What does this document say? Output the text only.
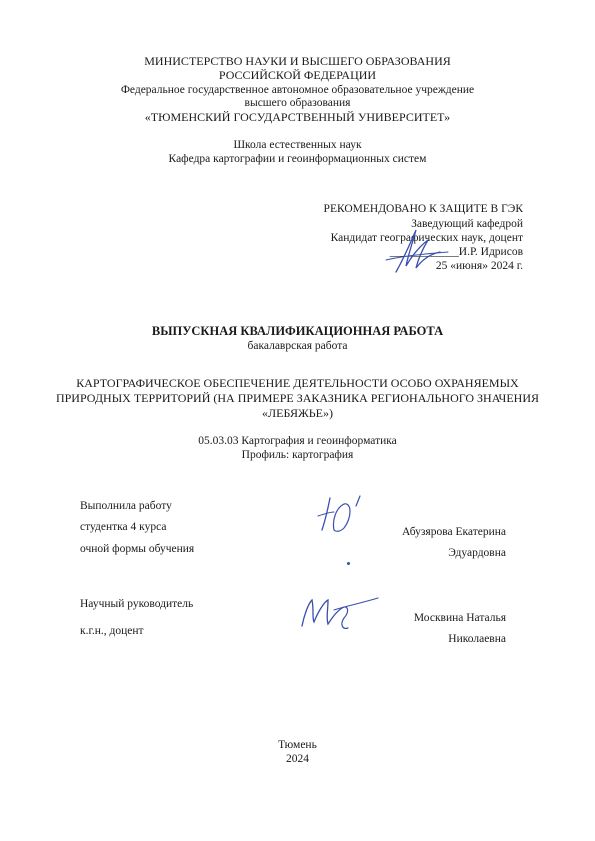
МИНИСТЕРСТВО НАУКИ И ВЫСШЕГО ОБРАЗОВАНИЯ
РОССИЙСКОЙ ФЕДЕРАЦИИ
Федеральное государственное автономное образовательное учреждение
высшего образования
«ТЮМЕНСКИЙ ГОСУДАРСТВЕННЫЙ УНИВЕРСИТЕТ»
Школа естественных наук
Кафедра картографии и геоинформационных систем
РЕКОМЕНДОВАНО К ЗАЩИТЕ В ГЭК
Заведующий кафедрой
Кандидат географических наук, доцент
____________И.Р. Идрисов
25 «июня» 2024 г.
ВЫПУСКНАЯ КВАЛИФИКАЦИОННАЯ РАБОТА
бакалаврская работа
КАРТОГРАФИЧЕСКОЕ ОБЕСПЕЧЕНИЕ ДЕЯТЕЛЬНОСТИ ОСОБО ОХРАНЯЕМЫХ
ПРИРОДНЫХ ТЕРРИТОРИЙ (НА ПРИМЕРЕ ЗАКАЗНИКА РЕГИОНАЛЬНОГО ЗНАЧЕНИЯ
«ЛЕБЯЖЬЕ»)
05.03.03 Картография и геоинформатика
Профиль: картография
Выполнила работу
студентка 4 курса
очной формы обучения
Абузярова Екатерина
Эдуардовна
Научный руководитель
к.г.н., доцент
Москвина Наталья
Николаевна
Тюмень
2024
